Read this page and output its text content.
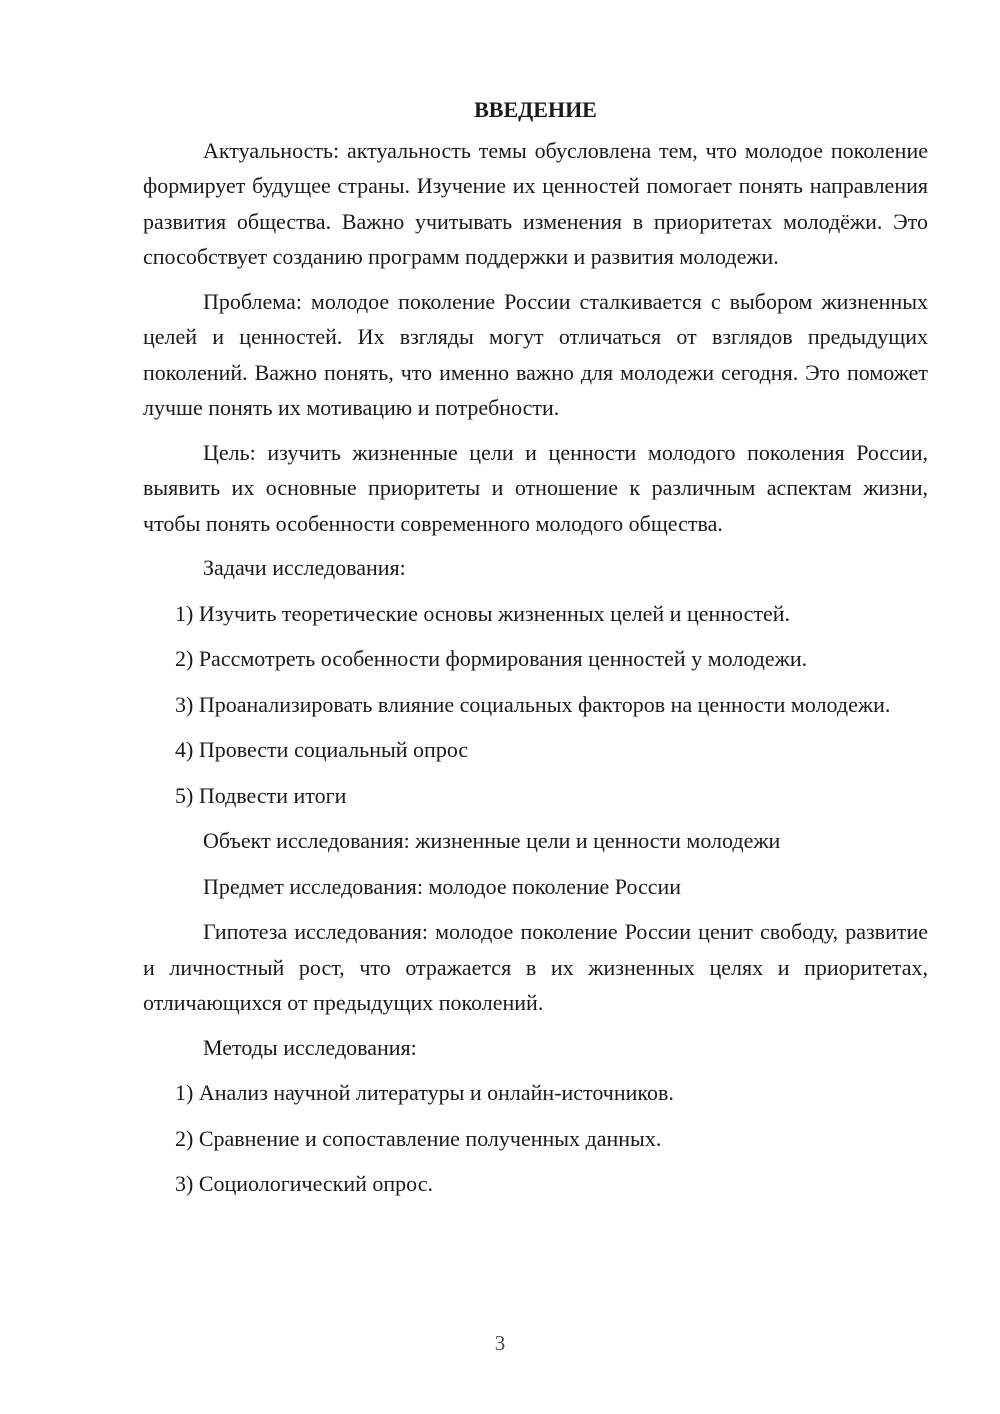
ВВЕДЕНИЕ

Актуальность: актуальность темы обусловлена тем, что молодое поколение формирует будущее страны. Изучение их ценностей помогает понять направления развития общества. Важно учитывать изменения в приоритетах молодёжи. Это способствует созданию программ поддержки и развития молодежи.

Проблема: молодое поколение России сталкивается с выбором жизненных целей и ценностей. Их взгляды могут отличаться от взглядов предыдущих поколений. Важно понять, что именно важно для молодежи сегодня. Это поможет лучше понять их мотивацию и потребности.

Цель: изучить жизненные цели и ценности молодого поколения России, выявить их основные приоритеты и отношение к различным аспектам жизни, чтобы понять особенности современного молодого общества.

Задачи исследования:
1) Изучить теоретические основы жизненных целей и ценностей.
2) Рассмотреть особенности формирования ценностей у молодежи.
3) Проанализировать влияние социальных факторов на ценности молодежи.
4) Провести социальный опрос
5) Подвести итоги
Объект исследования: жизненные цели и ценности молодежи
Предмет исследования: молодое поколение России

Гипотеза исследования: молодое поколение России ценит свободу, развитие и личностный рост, что отражается в их жизненных целях и приоритетах, отличающихся от предыдущих поколений.

Методы исследования:
1) Анализ научной литературы и онлайн-источников.
2) Сравнение и сопоставление полученных данных.
3) Социологический опрос.
3
